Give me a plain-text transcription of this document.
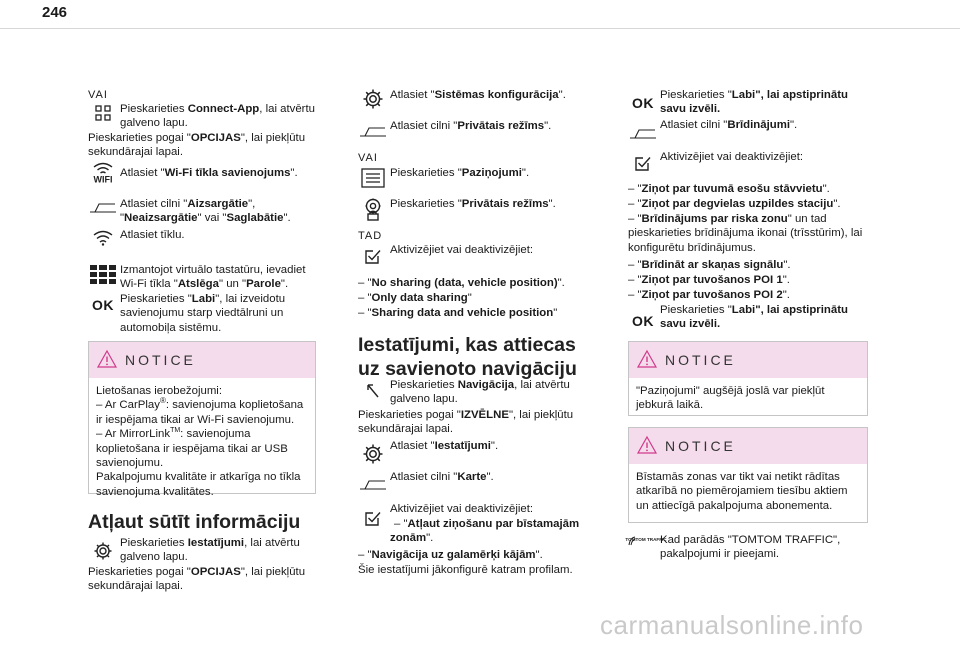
246
VAI
Pieskarieties Connect-App, lai atvērtu galveno lapu.
Pieskarieties pogai "OPCIJAS", lai piekļūtu sekundārajai lapai.
WIFI
Atlasiet "Wi-Fi tīkla savienojums".
Atlasiet cilni "Aizsargātie", "Neaizsargātie" vai "Saglabātie".
Atlasiet tīklu.
Izmantojot virtuālo tastatūru, ievadiet Wi-Fi tīkla "Atslēga" un "Parole".
OK Pieskarieties "Labi", lai izveidotu savienojumu starp viedtālruni un automobiļa sistēmu.
NOTICE
Lietošanas ierobežojumi:
– Ar CarPlay®: savienojuma koplietošana ir iespējama tikai ar Wi-Fi savienojumu.
– Ar MirrorLink™: savienojuma koplietošana ir iespējama tikai ar USB savienojumu.
Pakalpojumu kvalitāte ir atkarīga no tīkla savienojuma kvalitātes.
Atļaut sūtīt informāciju
Pieskarieties Iestatījumi, lai atvērtu galveno lapu.
Pieskarieties pogai "OPCIJAS", lai piekļūtu sekundārajai lapai.
Atlasiet "Sistēmas konfigurācija".
Atlasiet cilni "Privātais režīms".
VAI
Pieskarieties "Paziņojumi".
Pieskarieties "Privātais režīms".
TAD
Aktivizējiet vai deaktivizējiet:
– "No sharing (data, vehicle position)".
– "Only data sharing"
– "Sharing data and vehicle position"
Iestatījumi, kas attiecas uz savienoto navigāciju
Pieskarieties Navigācija, lai atvērtu galveno lapu.
Pieskarieties pogai "IZVĒLNE", lai piekļūtu sekundārajai lapai.
Atlasiet "Iestatījumi".
Atlasiet cilni "Karte".
Aktivizējiet vai deaktivizējiet:
– "Atļaut ziņošanu par bīstamajām zonām".
– "Navigācija uz galamērķi kājām".
Šie iestatījumi jākonfigurē katram profilam.
OK Pieskarieties "Labi", lai apstiprinātu savu izvēli.
Atlasiet cilni "Brīdinājumi".
Aktivizējiet vai deaktivizējiet:
– "Ziņot par tuvumā esošu stāvvietu".
– "Ziņot par degvielas uzpildes staciju".
– "Brīdinājums par riska zonu" un tad pieskarieties brīdinājuma ikonai (trīsstūrim), lai konfigurētu brīdinājumus.
– "Brīdināt ar skaņas signālu".
– "Ziņot par tuvošanos POI 1".
– "Ziņot par tuvošanos POI 2".
OK
Pieskarieties "Labi", lai apstiprinātu savu izvēli.
NOTICE
"Paziņojumi" augšējā joslā var piekļūt jebkurā laikā.
NOTICE
Bīstamās zonas var tikt vai netikt rādītas atkarībā no piemērojamiem tiesību aktiem un attiecīgā pakalpojuma abonementa.
TOMTOM TRAFFIC
Kad parādās "TOMTOM TRAFFIC", pakalpojumi ir pieejami.
carmanualsonline.info
